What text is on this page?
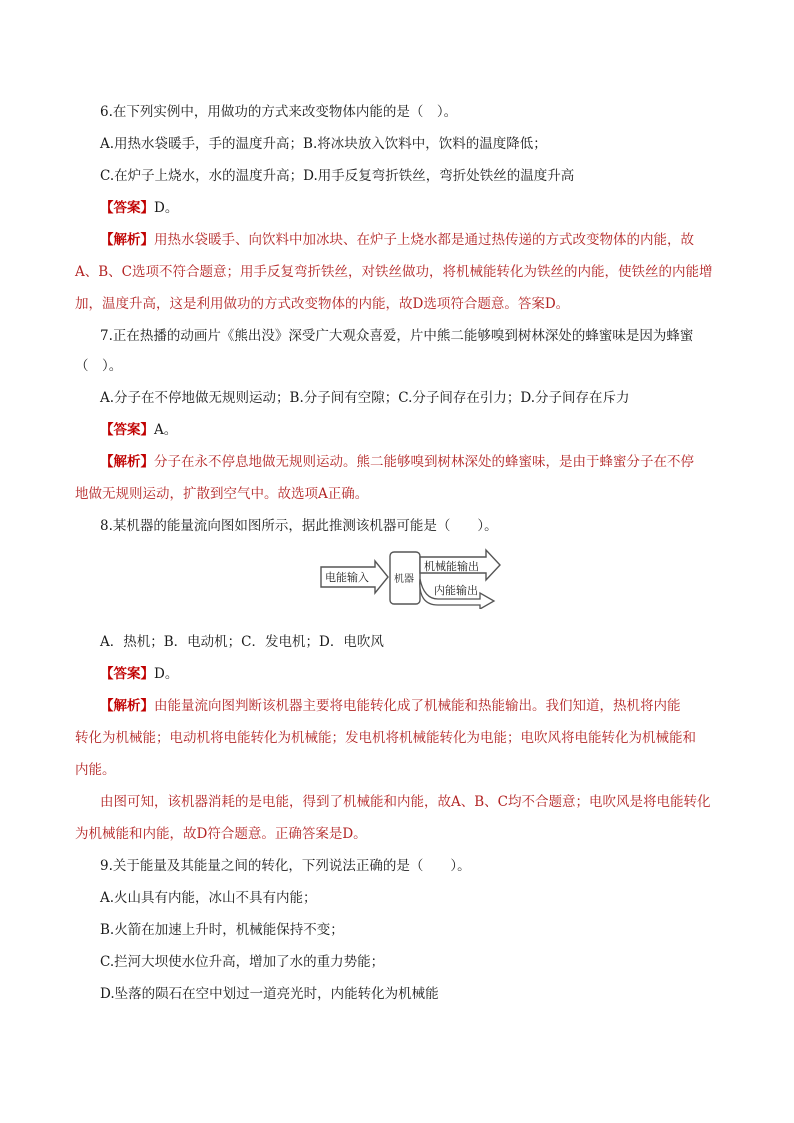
6.在下列实例中，用做功的方式来改变物体内能的是（　）。
A.用热水袋暖手，手的温度升高；B.将冰块放入饮料中，饮料的温度降低；
C.在炉子上烧水，水的温度升高；D.用手反复弯折铁丝，弯折处铁丝的温度升高
【答案】D。
【解析】用热水袋暖手、向饮料中加冰块、在炉子上烧水都是通过热传递的方式改变物体的内能，故
A、B、C选项不符合题意；用手反复弯折铁丝，对铁丝做功，将机械能转化为铁丝的内能，使铁丝的内能增
加，温度升高，这是利用做功的方式改变物体的内能，故D选项符合题意。答案D。
7.正在热播的动画片《熊出没》深受广大观众喜爱，片中熊二能够嗅到树林深处的蜂蜜味是因为蜂蜜
（　）。
A.分子在不停地做无规则运动；B.分子间有空隙；C.分子间存在引力；D.分子间存在斥力
【答案】A。
【解析】分子在永不停息地做无规则运动。熊二能够嗅到树林深处的蜂蜜味，是由于蜂蜜分子在不停
地做无规则运动，扩散到空气中。故选项A正确。
8.某机器的能量流向图如图所示，据此推测该机器可能是（　　）。
电能输入	机器
机械能输出
内能输出
A．热机；B．电动机；C．发电机；D．电吹风
【答案】D。
【解析】由能量流向图判断该机器主要将电能转化成了机械能和热能输出。我们知道，热机将内能
转化为机械能；电动机将电能转化为机械能；发电机将机械能转化为电能；电吹风将电能转化为机械能和
内能。
由图可知，该机器消耗的是电能，得到了机械能和内能，故A、B、C均不合题意；电吹风是将电能转化
为机械能和内能，故D符合题意。正确答案是D。
9.关于能量及其能量之间的转化，下列说法正确的是（　　）。
A.火山具有内能，冰山不具有内能；
B.火箭在加速上升时，机械能保持不变；
C.拦河大坝使水位升高，增加了水的重力势能；
D.坠落的陨石在空中划过一道亮光时，内能转化为机械能
